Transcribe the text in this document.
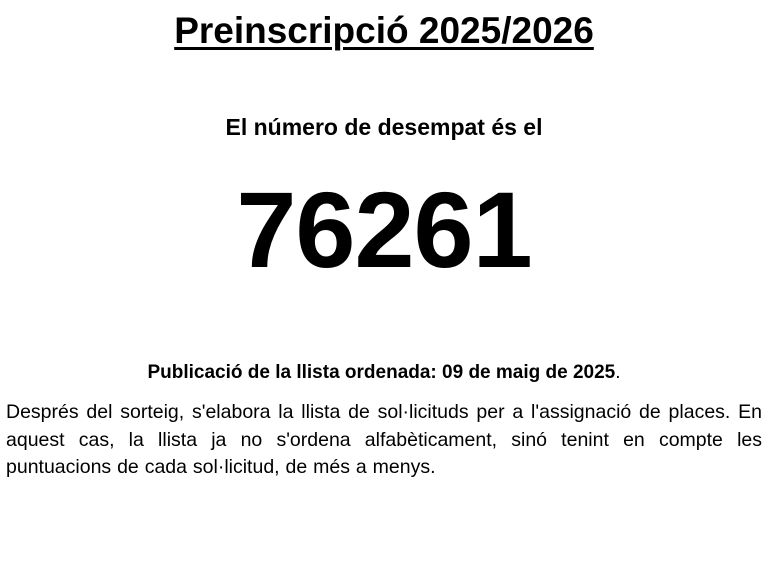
Preinscripció 2025/2026
El número de desempat és el
76261
Publicació de la llista ordenada: 09 de maig de 2025.

Després del sorteig, s'elabora la llista de sol·licituds per a l'assignació de places. En aquest cas, la llista ja no s'ordena alfabèticament, sinó tenint en compte les puntuacions de cada sol·licitud, de més a menys.
